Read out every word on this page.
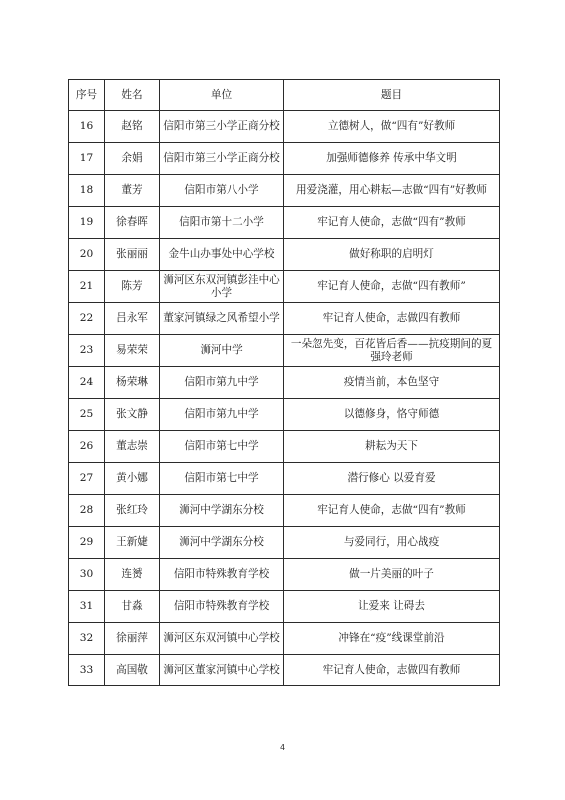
序号	姓名	单位	题目
16	赵铭	信阳市第三小学正商分校	立德树人，做“四有”好教师
17	余娟	信阳市第三小学正商分校	加强师德修养 传承中华文明
18	董芳	信阳市第八小学	用爱浇灌，用心耕耘—志做“四有”好教师
19	徐春晖	信阳市第十二小学	牢记育人使命，志做“四有”教师
20	张丽丽	金牛山办事处中心学校	做好称职的启明灯
21	陈芳	浉河区东双河镇彭洼中心小学	牢记育人使命，志做“四有教师”
22	吕永军	董家河镇绿之风希望小学	牢记育人使命，志做四有教师
23	易荣荣	浉河中学	一朵忽先变，百花皆后香——抗疫期间的夏强玲老师
24	杨荣琳	信阳市第九中学	疫情当前，本色坚守
25	张文静	信阳市第九中学	以德修身，恪守师德
26	董志崇	信阳市第七中学	耕耘为天下
27	黄小娜	信阳市第七中学	潜行修心 以爱育爱
28	张红玲	浉河中学湖东分校	牢记育人使命，志做“四有”教师
29	王新婕	浉河中学湖东分校	与爱同行，用心战疫
30	连赟	信阳市特殊教育学校	做一片美丽的叶子
31	甘淼	信阳市特殊教育学校	让爱来 让碍去
32	徐丽萍	浉河区东双河镇中心学校	冲锋在“疫”线课堂前沿
33	高国敬	浉河区董家河镇中心学校	牢记育人使命，志做四有教师
4
